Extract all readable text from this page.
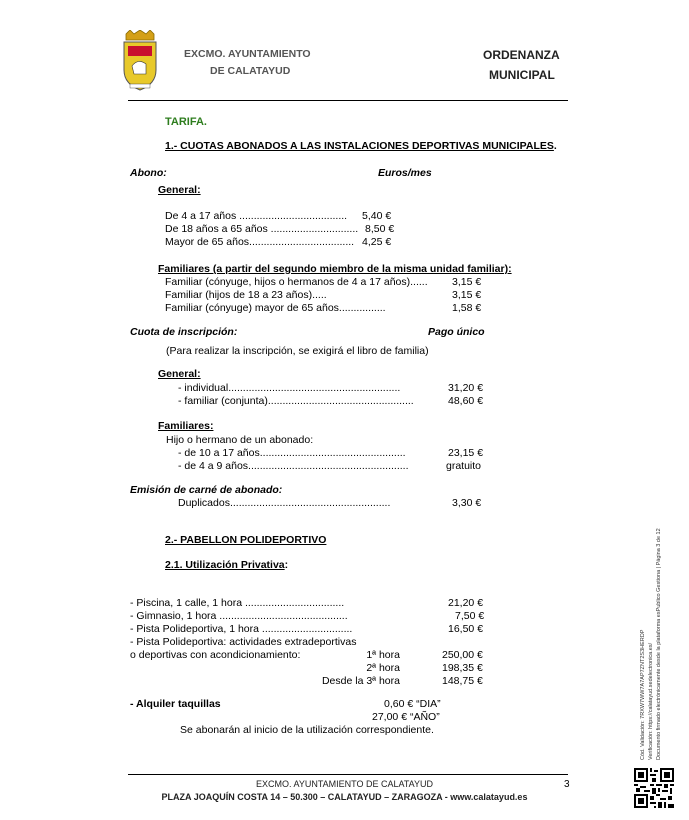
EXCMO. AYUNTAMIENTO
DE CALATAYUD
ORDENANZA
MUNICIPAL
TARIFA.
1.- CUOTAS ABONADOS A LAS INSTALACIONES DEPORTIVAS MUNICIPALES.
Abono:	Euros/mes
General:
De 4 a 17 años ..................................... 5,40 €
De 18 años a 65 años .............................. 8,50 €
Mayor de 65 años.................................... 4,25 €
Familiares (a partir del segundo miembro de la misma unidad familiar):
Familiar (cónyuge, hijos o hermanos de 4 a 17 años)...... 3,15 €
Familiar (hijos de 18 a 23 años).....	3,15 €
Familiar (cónyuge) mayor de 65 años................	1,58 €
Cuota de inscripción:	Pago único
(Para realizar la inscripción, se exigirá el libro de familia)
General:
- individual...........................................................	31,20 €
- familiar (conjunta)..................................................	48,60 €
Familiares:
Hijo o hermano de un abonado:
- de 10 a 17 años..................................................	23,15 €
- de 4 a 9 años.......................................................	gratuito
Emisión de carné de abonado:
Duplicados.......................................................	3,30 €
2.- PABELLON POLIDEPORTIVO
2.1. Utilización Privativa:
- Piscina, 1 calle, 1 hora ..................................	21,20 €
- Gimnasio, 1 hora ............................................	7,50 €
- Pista Polideportiva, 1 hora ...............................	16,50 €
- Pista Polideportiva: actividades extradeportivas
o deportivas con acondicionamiento:	1ª hora	250,00 €
2ª hora	198,35 €
Desde la 3ª hora	148,75 €
- Alquiler taquillas	0,60 € “DIA”
27,00 € “AÑO”
Se abonarán al inicio de la utilización correspondiente.
EXCMO. AYUNTAMIENTO DE CALATAYUD
PLAZA JOAQUÍN COSTA 14 – 50.300 – CALATAYUD – ZARAGOZA - www.calatayud.es
3
Cód. Validación: 7RXW7WW7A7AP7ZNT2S3HERDP Verificación: https://calatayud.sedelectronica.es/ Documento firmado electrónicamente desde la plataforma esPublico Gestiona | Página 3 de 12
